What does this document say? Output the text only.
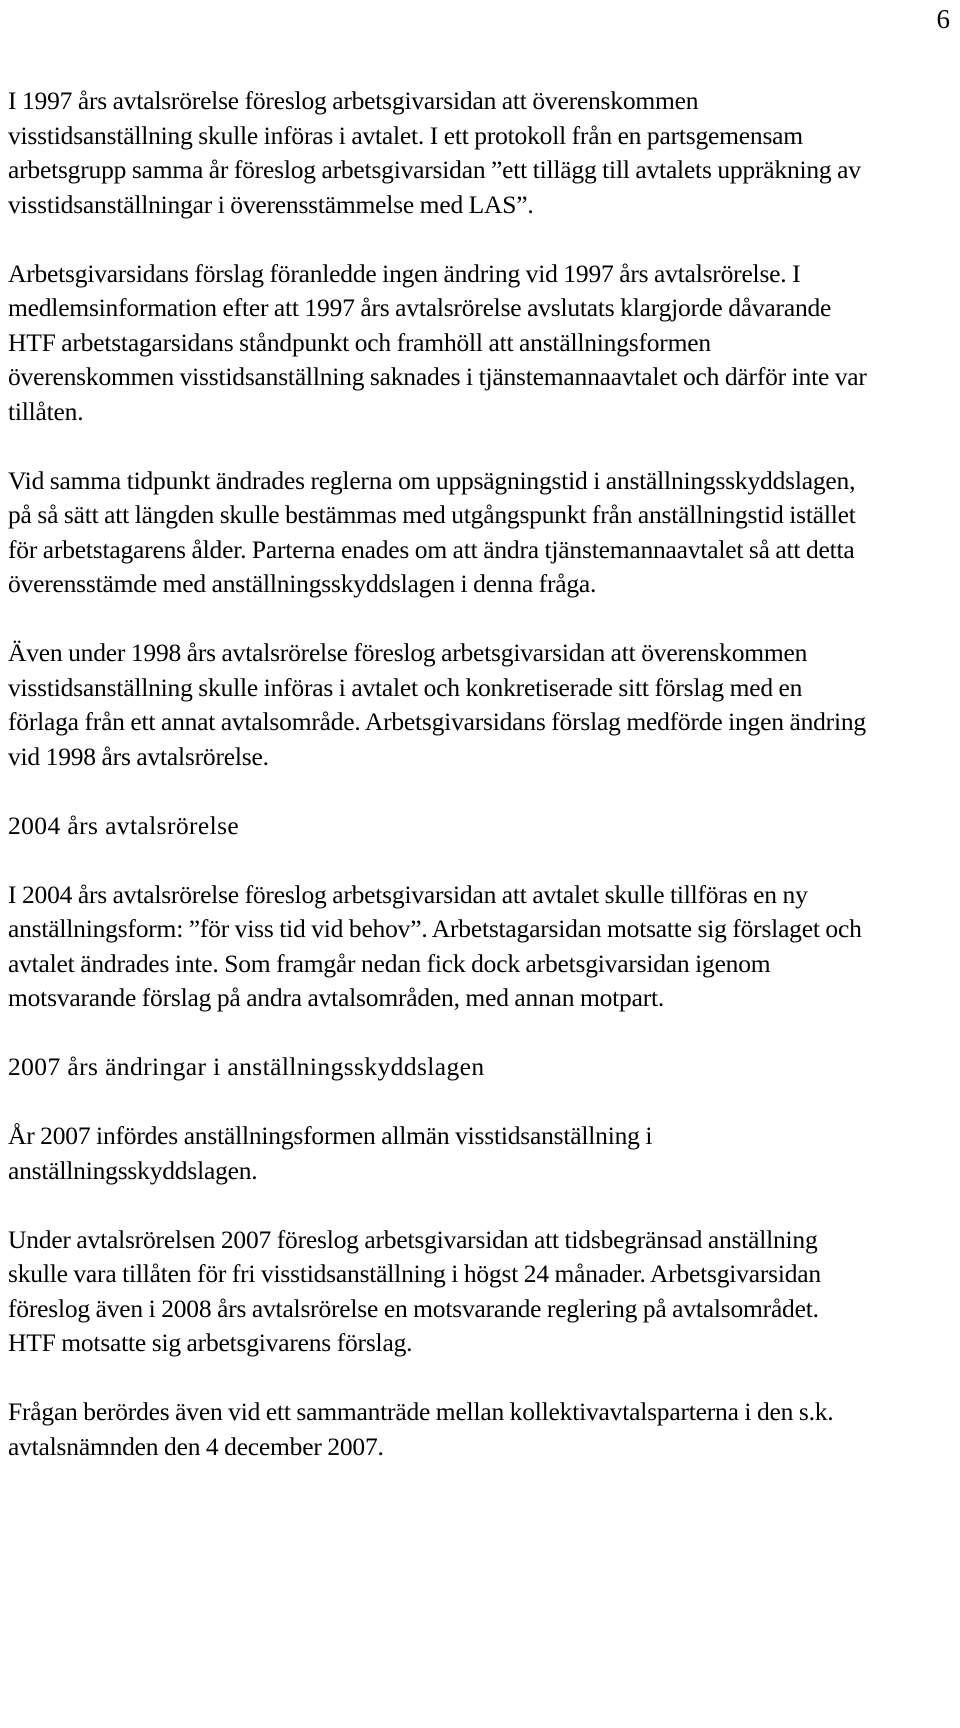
6

I 1997 års avtalsrörelse föreslog arbetsgivarsidan att överenskommen visstidsanställning skulle införas i avtalet. I ett protokoll från en partsgemensam arbetsgrupp samma år föreslog arbetsgivarsidan ”ett tillägg till avtalets uppräkning av visstidsanställningar i överensstämmelse med LAS”.

Arbetsgivarsidans förslag föranledde ingen ändring vid 1997 års avtalsrörelse. I medlemsinformation efter att 1997 års avtalsrörelse avslutats klargjorde dåvarande HTF arbetstagarsidans ståndpunkt och framhöll att anställningsformen överenskommen visstidsanställning saknades i tjänstemannaavtalet och därför inte var tillåten.

Vid samma tidpunkt ändrades reglerna om uppsägningstid i anställningsskyddslagen, på så sätt att längden skulle bestämmas med utgångspunkt från anställningstid istället för arbetstagarens ålder. Parterna enades om att ändra tjänstemannaavtalet så att detta överensstämde med anställningsskyddslagen i denna fråga.

Även under 1998 års avtalsrörelse föreslog arbetsgivarsidan att överenskommen visstidsanställning skulle införas i avtalet och konkretiserade sitt förslag med en förlaga från ett annat avtalsområde. Arbetsgivarsidans förslag medförde ingen ändring vid 1998 års avtalsrörelse.

2004 års avtalsrörelse

I 2004 års avtalsrörelse föreslog arbetsgivarsidan att avtalet skulle tillföras en ny anställningsform: ”för viss tid vid behov”. Arbetstagarsidan motsatte sig förslaget och avtalet ändrades inte. Som framgår nedan fick dock arbetsgivarsidan igenom motsvarande förslag på andra avtalsområden, med annan motpart.

2007 års ändringar i anställningsskyddslagen

År 2007 infördes anställningsformen allmän visstidsanställning i anställningsskyddslagen.

Under avtalsrörelsen 2007 föreslog arbetsgivarsidan att tidsbegränsad anställning skulle vara tillåten för fri visstidsanställning i högst 24 månader. Arbetsgivarsidan föreslog även i 2008 års avtalsrörelse en motsvarande reglering på avtalsområdet. HTF motsatte sig arbetsgivarens förslag.

Frågan berördes även vid ett sammanträde mellan kollektivavtalsparterna i den s.k. avtalsnämnden den 4 december 2007.
